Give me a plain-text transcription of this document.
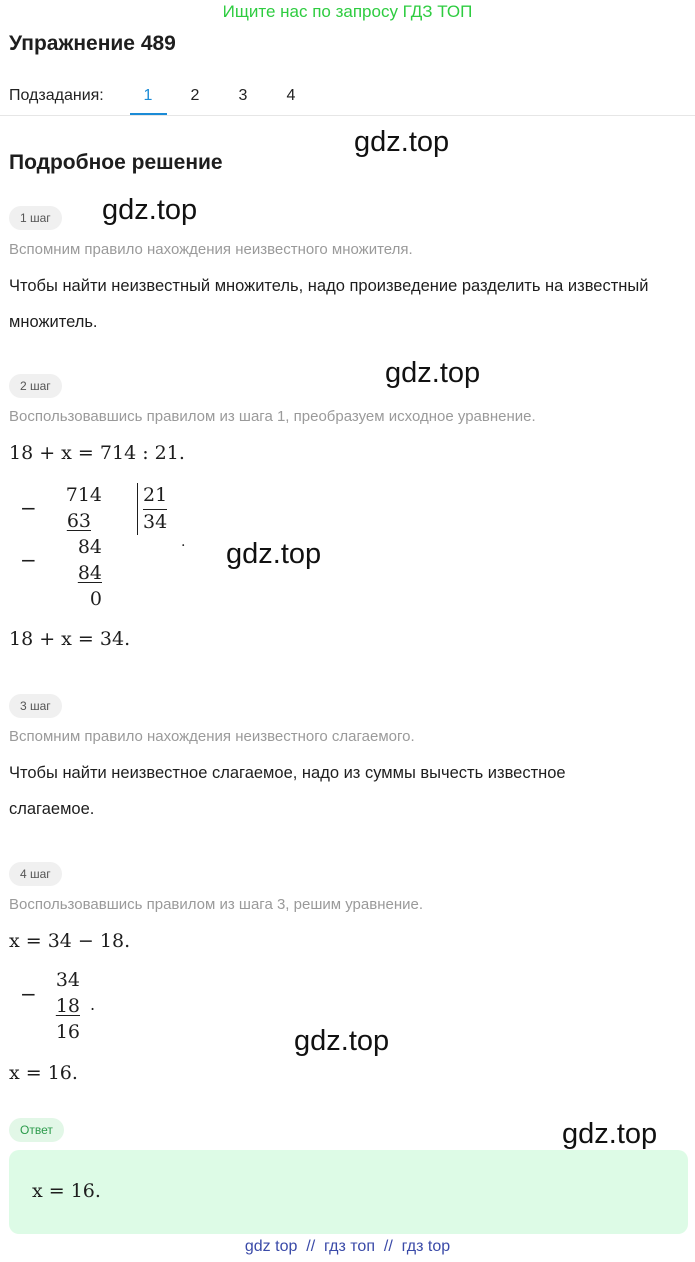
Ищите нас по запросу ГДЗ ТОП
Упражнение 489
Подзадания:	1	2	3	4
Подробное решение
gdz.top
gdz.top
gdz.top
gdz.top
gdz.top
gdz.top
1 шаг
Вспомним правило нахождения неизвестного множителя.
Чтобы найти неизвестный множитель, надо произведение разделить на известный множитель.
2 шаг
Воспользовавшись правилом из шага 1, преобразуем исходное уравнение.
18 + x = 714 : 21.
−
714
63
21
34
−
84
84
0
.
18 + x = 34.
3 шаг
Вспомним правило нахождения неизвестного слагаемого.
Чтобы найти неизвестное слагаемое, надо из суммы вычесть известное слагаемое.
4 шаг
Воспользовавшись правилом из шага 3, решим уравнение.
x = 34 − 18.
−
34
18
16
.
x = 16.
Ответ
x = 16.
gdz top  //  гдз топ  //  гдз top
